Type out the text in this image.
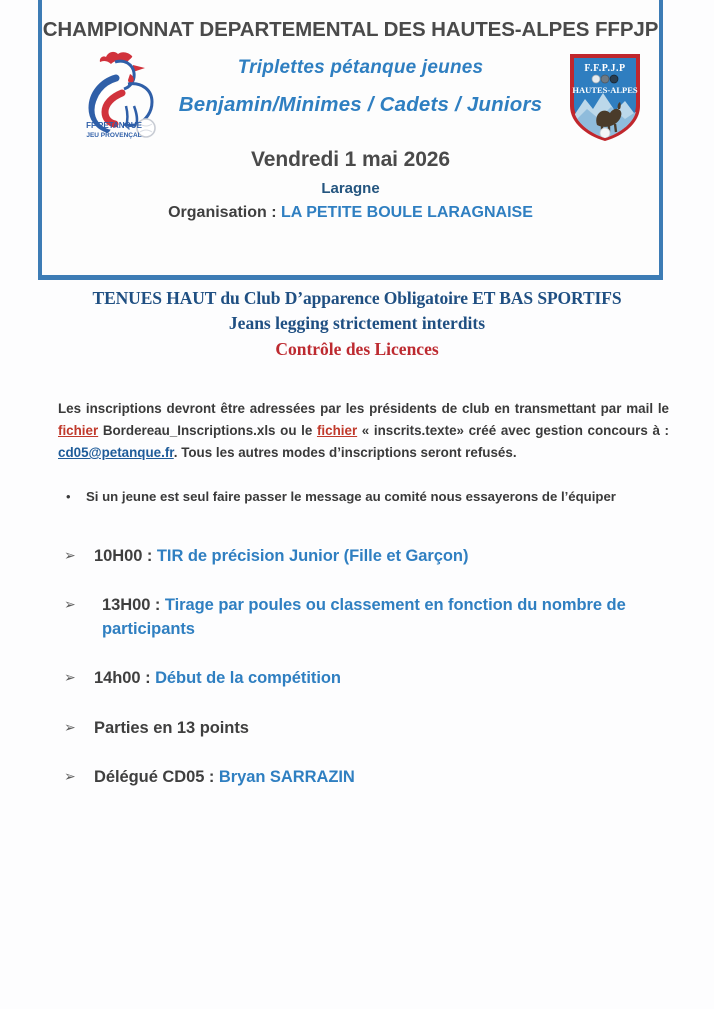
CHAMPIONNAT DEPARTEMENTAL DES HAUTES-ALPES FFPJP
FF PETANQUE
JEU PROVENÇAL
F.F.P.J.P
HAUTES-ALPES
Triplettes pétanque jeunes
Benjamin/Minimes / Cadets / Juniors
Vendredi 1 mai 2026
Laragne
Organisation : LA PETITE BOULE LARAGNAISE
TENUES HAUT du Club D’apparence Obligatoire ET BAS SPORTIFS
Jeans legging strictement interdits
Contrôle des Licences

Les inscriptions devront être adressées par les présidents de club en transmettant par mail le fichier Bordereau_Inscriptions.xls ou le fichier « inscrits.texte» créé avec gestion concours à : cd05@petanque.fr. Tous les autres modes d’inscriptions seront refusés.

•	Si un jeune est seul faire passer le message au comité nous essayerons de l’équiper
➢	10H00 : TIR de précision Junior (Fille et Garçon)
➢	13H00 : Tirage par poules ou classement en fonction du nombre de participants
➢	14h00 : Début de la compétition
➢	Parties en 13 points
➢	Délégué CD05 : Bryan SARRAZIN
